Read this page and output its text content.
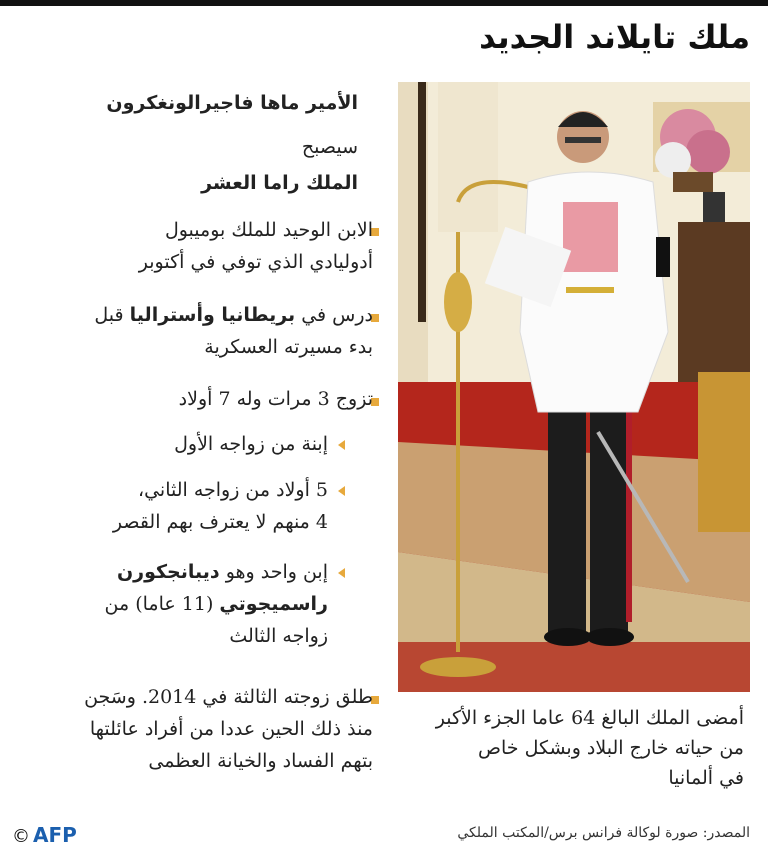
ملك تايلاند الجديد
أمضى الملك البالغ 64 عاما الجزء الأكبر
من حياته خارج البلاد وبشكل خاص
في ألمانيا
الأمير ماها فاجيرالونغكرون
سيصبح
الملك راما العشر
الابن الوحيد للملك بوميبول
أدوليادي الذي توفي في أكتوبر
درس في بريطانيا وأستراليا قبل
بدء مسيرته العسكرية
تزوج 3 مرات وله 7 أولاد
إبنة من زواجه الأول
5 أولاد من زواجه الثاني،
4 منهم لا يعترف بهم القصر
إبن واحد وهو ديبانجكورن
راسميجوتي (11 عاما) من
زواجه الثالث
طلق زوجته الثالثة في 2014. وسَجن
منذ ذلك الحين عددا من أفراد عائلتها
بتهم الفساد والخيانة العظمى
© AFP	المصدر: صورة لوكالة فرانس برس/المكتب الملكي
